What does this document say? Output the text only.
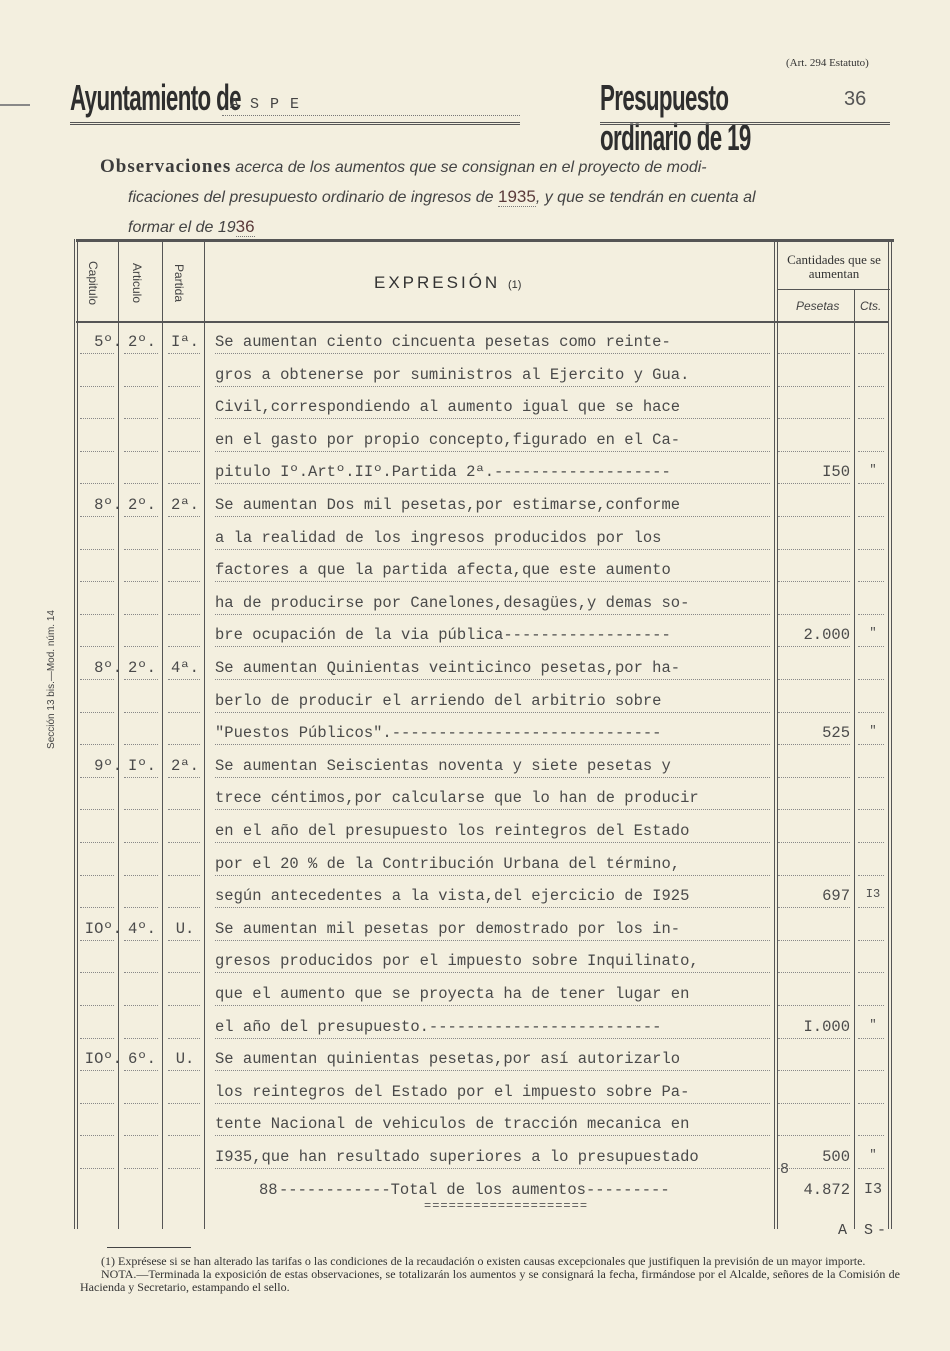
(Art. 294 Estatuto)
Ayuntamiento de
ASPE	Presupuesto ordinario de 19
36
Observaciones acerca de los aumentos que se consignan en el proyecto de modi-
ficaciones del presupuesto ordinario de ingresos de 1935, y que se tendrán en cuenta al
formar el de 1936
Sección 13 bis.—Mod. núm. 14
Capitulo	Articulo Partida	EXPRESIÓN (1)
Cantidades que se aumentan
Pesetas Cts.
5º. 2º. Iª. Se aumentan ciento cincuenta pesetas como reinte-
gros a obtenerse por suministros al Ejercito y Gua.
Civil,correspondiendo al aumento igual que se hace
en el gasto por propio concepto,figurado en el Ca-
pitulo Iº.Artº.IIº.Partida 2ª.-------------------	I50	"
8º. 2º. 2ª. Se aumentan Dos mil pesetas,por estimarse,conforme
a la realidad de los ingresos producidos por los
factores a que la partida afecta,que este aumento
ha de producirse por Canelones,desagües,y demas so-
bre ocupación de la via pública------------------	2.000	"
8º. 2º. 4ª. Se aumentan Quinientas veinticinco pesetas,por ha-
berlo de producir el arriendo del arbitrio sobre
"Puestos Públicos".-----------------------------	525	"
9º. Iº. 2ª. Se aumentan Seiscientas noventa y siete pesetas y
trece céntimos,por calcularse que lo han de producir
en el año del presupuesto los reintegros del Estado
por el 20 % de la Contribución Urbana del término,
según antecedentes a la vista,del ejercicio de I925	697	I3
IOº. 4º.	U.	Se aumentan mil pesetas por demostrado por los in-
gresos producidos por el impuesto sobre Inquilinato,
que el aumento que se proyecta ha de tener lugar en
el año del presupuesto.-------------------------	I.000	"
IOº. 6º.	U.	Se aumentan quinientas pesetas,por así autorizarlo
los reintegros del Estado por el impuesto sobre Pa-
tente Nacional de vehiculos de tracción mecanica en
I935,que han resultado superiores a lo presupuestado	500	"
88 ------------Total de los aumentos---------	4.872 I3
====================
8
A S-

(1) Exprésese si se han alterado las tarifas o las condiciones de la recaudación o existen causas excepcionales que justifiquen la previsión de un mayor importe.

NOTA.—Terminada la exposición de estas observaciones, se totalizarán los aumentos y se consignará la fecha, firmándose por el Alcalde, señores de la Comisión de Hacienda y Secretario, estampando el sello.
